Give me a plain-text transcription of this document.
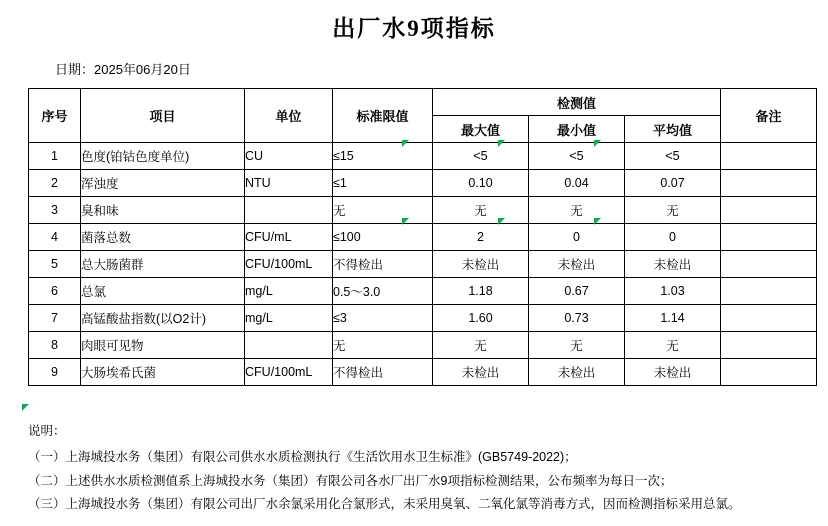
出厂水9项指标
日期：2025年06月20日
序号	项目	单位	标准限值	检测值			备注
				最大值	最小值	平均值	
1	色度(铂钴色度单位)	CU	≤15	<5	<5	<5	
2	浑浊度	NTU	≤1	0.10	0.04	0.07	
3	臭和味		无	无	无	无	
4	菌落总数	CFU/mL	≤100	2	0	0	
5	总大肠菌群	CFU/100mL	不得检出	未检出	未检出	未检出	
6	总氯	mg/L	0.5～3.0	1.18	0.67	1.03	
7	高锰酸盐指数(以O2计)	mg/L	≤3	1.60	0.73	1.14	
8	肉眼可见物		无	无	无	无	
9	大肠埃希氏菌	CFU/100mL	不得检出	未检出	未检出	未检出	
说明：
（一）上海城投水务（集团）有限公司供水水质检测执行《生活饮用水卫生标准》(GB5749-2022)；
（二）上述供水水质检测值系上海城投水务（集团）有限公司各水厂出厂水9项指标检测结果，公布频率为每日一次；
（三）上海城投水务（集团）有限公司出厂水余氯采用化合氯形式，未采用臭氧、二氧化氯等消毒方式，因而检测指标采用总氯。
